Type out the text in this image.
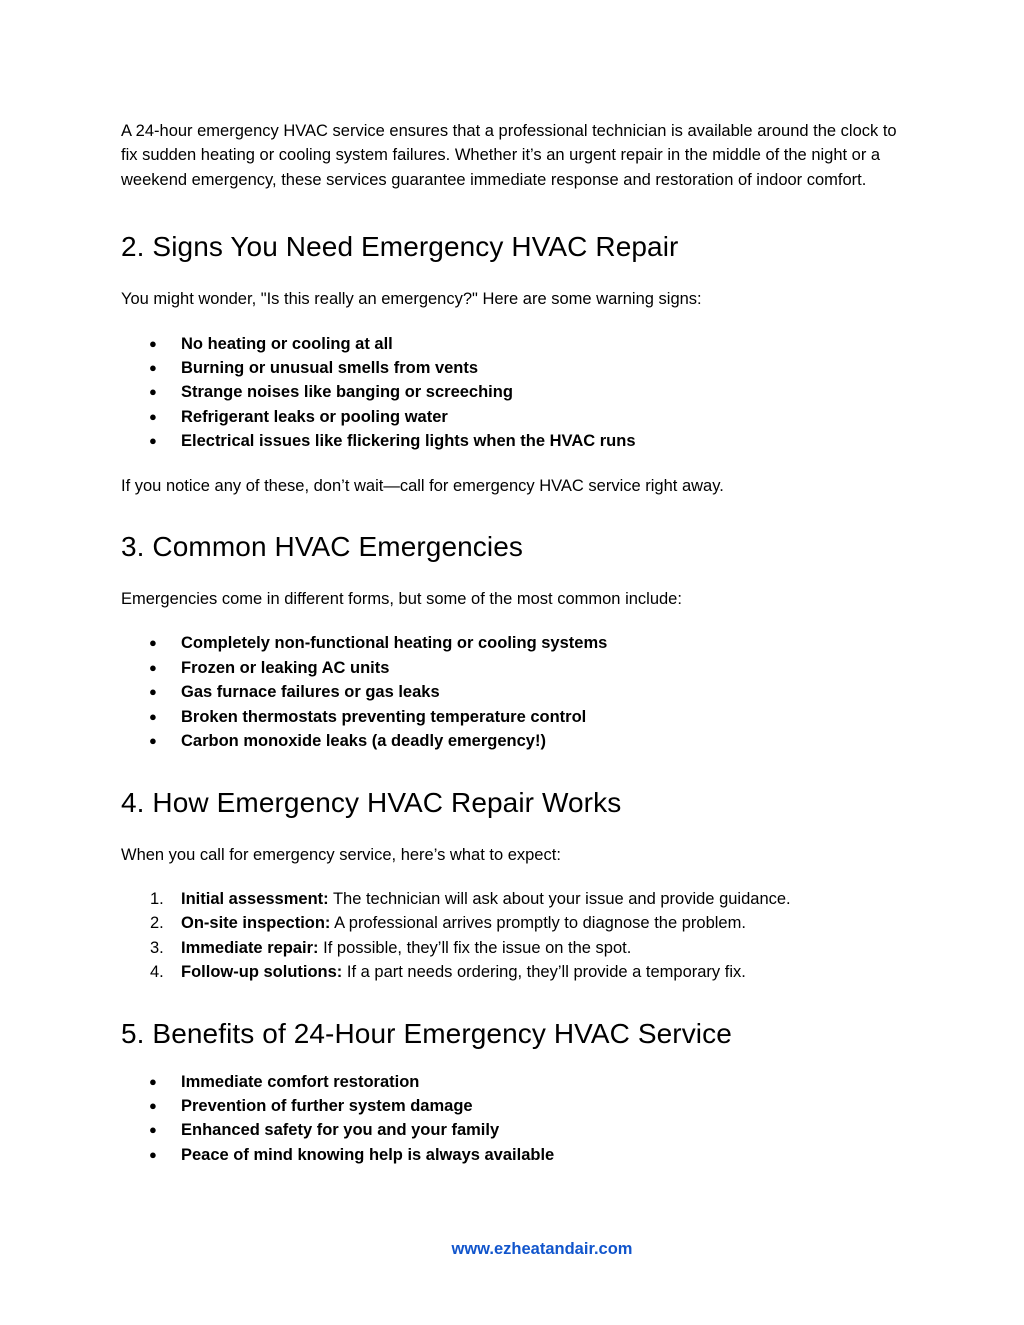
A 24-hour emergency HVAC service ensures that a professional technician is available around the clock to fix sudden heating or cooling system failures. Whether it’s an urgent repair in the middle of the night or a weekend emergency, these services guarantee immediate response and restoration of indoor comfort.

2. Signs You Need Emergency HVAC Repair

You might wonder, "Is this really an emergency?" Here are some warning signs:

● No heating or cooling at all
● Burning or unusual smells from vents
● Strange noises like banging or screeching
● Refrigerant leaks or pooling water
● Electrical issues like flickering lights when the HVAC runs

If you notice any of these, don’t wait—call for emergency HVAC service right away.

3. Common HVAC Emergencies

Emergencies come in different forms, but some of the most common include:

● Completely non-functional heating or cooling systems
● Frozen or leaking AC units
● Gas furnace failures or gas leaks
● Broken thermostats preventing temperature control
● Carbon monoxide leaks (a deadly emergency!)
4. How Emergency HVAC Repair Works

When you call for emergency service, here’s what to expect:

1. Initial assessment: The technician will ask about your issue and provide guidance.
2. On-site inspection: A professional arrives promptly to diagnose the problem.
3. Immediate repair: If possible, they’ll fix the issue on the spot.
4. Follow-up solutions: If a part needs ordering, they’ll provide a temporary fix.
5. Benefits of 24-Hour Emergency HVAC Service
● Immediate comfort restoration
● Prevention of further system damage
● Enhanced safety for you and your family
● Peace of mind knowing help is always available
www.ezheatandair.com
